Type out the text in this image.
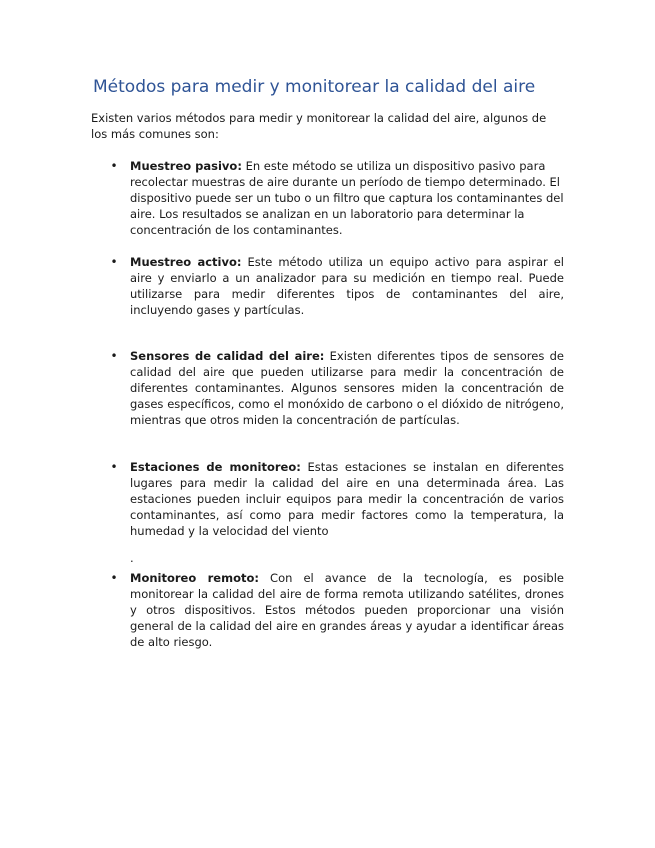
Métodos para medir y monitorear la calidad del aire

Existen varios métodos para medir y monitorear la calidad del aire, algunos de los más comunes son:

• Muestreo pasivo: En este método se utiliza un dispositivo pasivo para recolectar muestras de aire durante un período de tiempo determinado. El dispositivo puede ser un tubo o un filtro que captura los contaminantes del aire. Los resultados se analizan en un laboratorio para determinar la concentración de los contaminantes.

• Muestreo activo: Este método utiliza un equipo activo para aspirar el aire y enviarlo a un analizador para su medición en tiempo real. Puede utilizarse para medir diferentes tipos de contaminantes del aire, incluyendo gases y partículas.

• Sensores de calidad del aire: Existen diferentes tipos de sensores de calidad del aire que pueden utilizarse para medir la concentración de diferentes contaminantes. Algunos sensores miden la concentración de gases específicos, como el monóxido de carbono o el dióxido de nitrógeno, mientras que otros miden la concentración de partículas.

• Estaciones de monitoreo: Estas estaciones se instalan en diferentes lugares para medir la calidad del aire en una determinada área. Las estaciones pueden incluir equipos para medir la concentración de varios contaminantes, así como para medir factores como la temperatura, la humedad y la velocidad del viento

.
• Monitoreo remoto: Con el avance de la tecnología, es posible monitorear la calidad del aire de forma remota utilizando satélites, drones y otros dispositivos. Estos métodos pueden proporcionar una visión general de la calidad del aire en grandes áreas y ayudar a identificar áreas de alto riesgo.
